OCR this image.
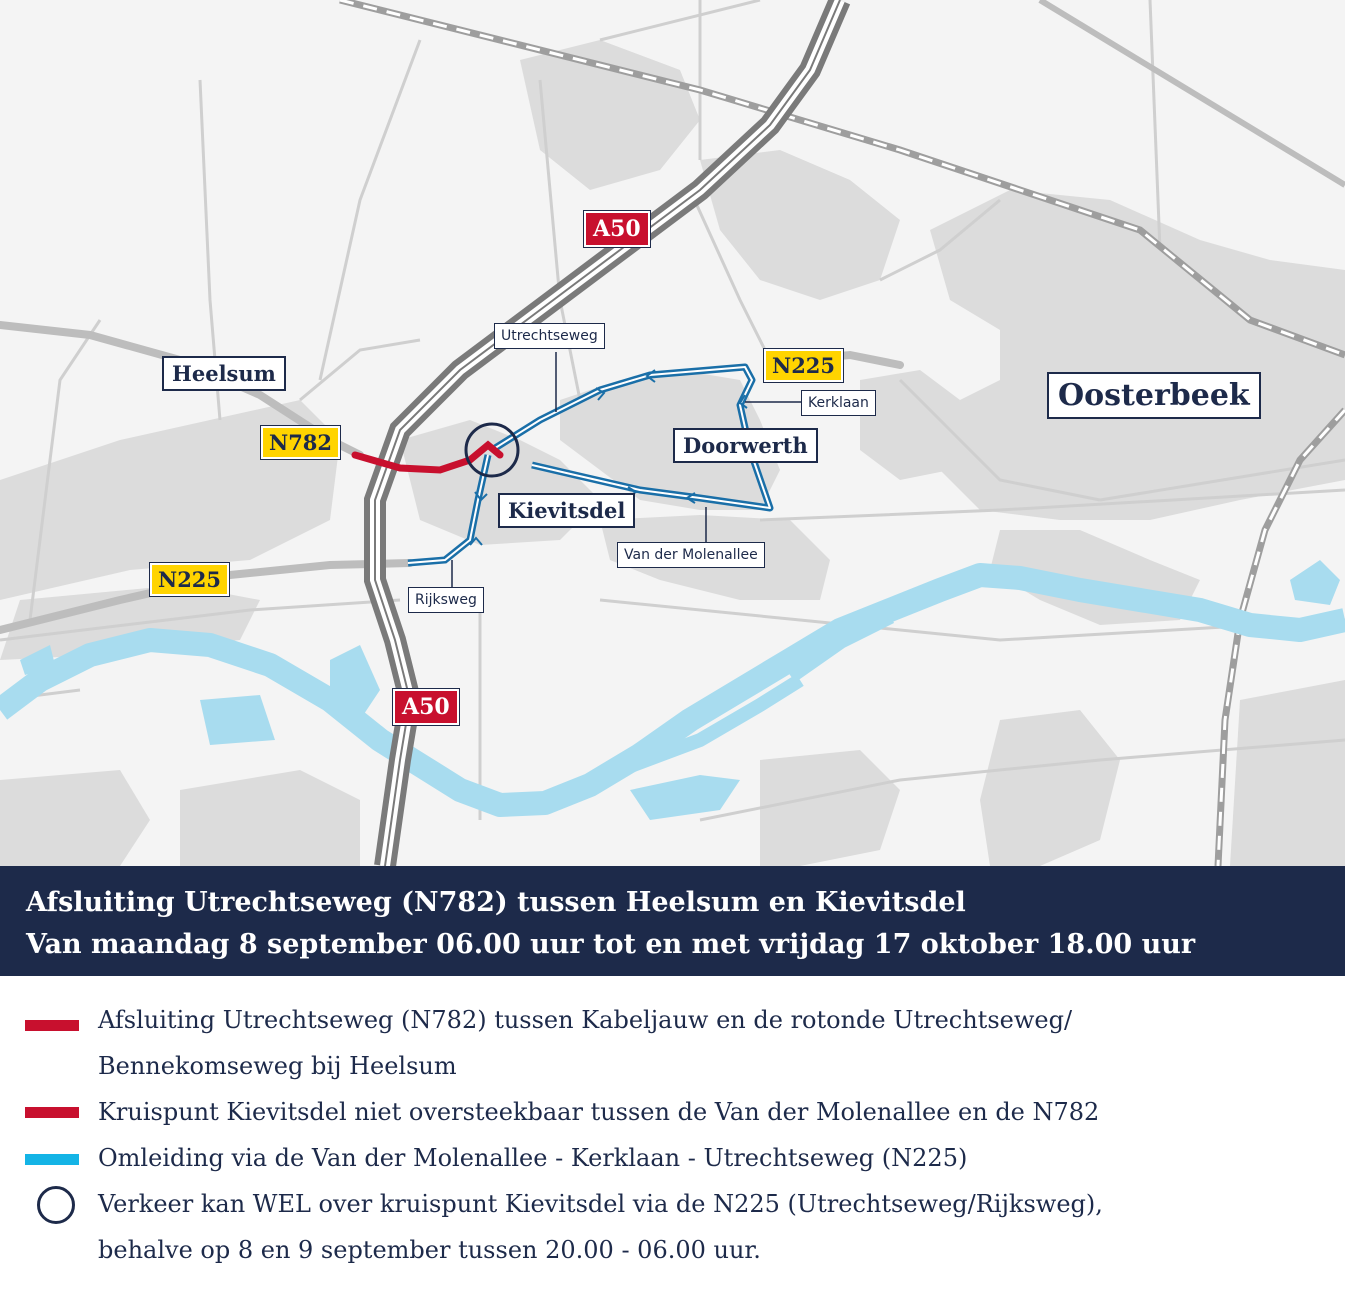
Heelsum
Oosterbeek
Doorwerth
Kievitsdel
A50
A50
N225
N225
N782
Utrechtseweg
Kerklaan
Van der Molenallee
Rijksweg
Afsluiting Utrechtseweg (N782) tussen Heelsum en Kievitsdel
Van maandag 8 september 06.00 uur tot en met vrijdag 17 oktober 18.00 uur
Afsluiting Utrechtseweg (N782) tussen Kabeljauw en de rotonde Utrechtseweg/
Bennekomseweg bij Heelsum
Kruispunt Kievitsdel niet oversteekbaar tussen de Van der Molenallee en de N782
Omleiding via de Van der Molenallee - Kerklaan - Utrechtseweg (N225)
Verkeer kan WEL over kruispunt Kievitsdel via de N225 (Utrechtseweg/Rijksweg),
behalve op 8 en 9 september tussen 20.00 - 06.00 uur.
